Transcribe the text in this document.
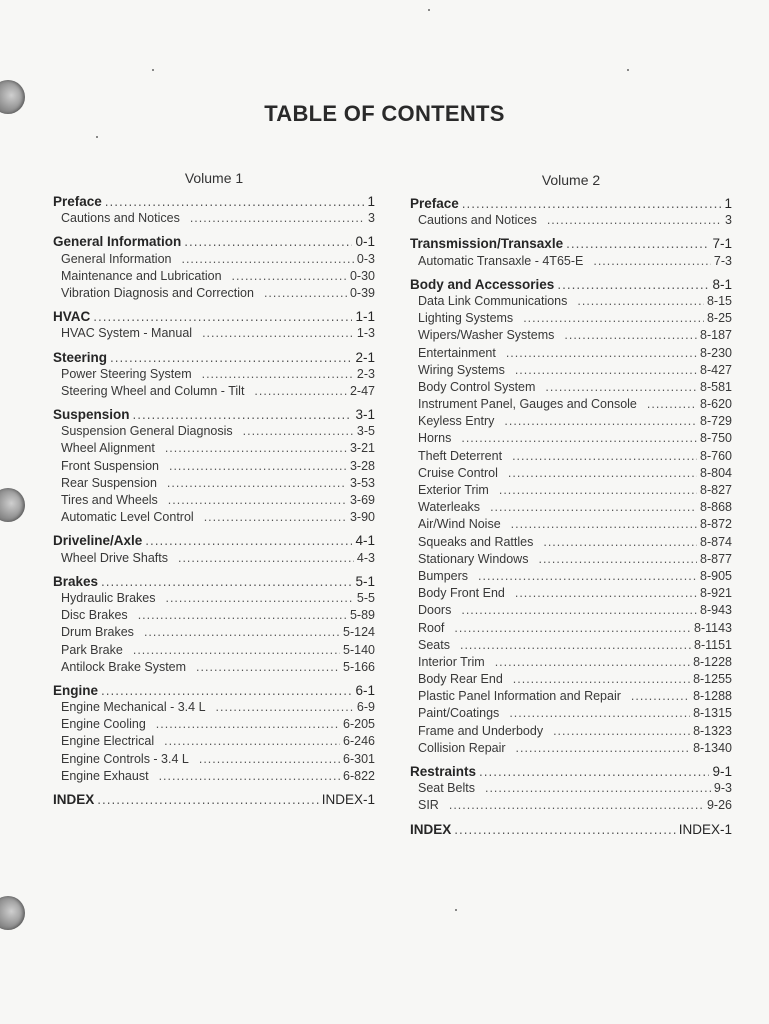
TABLE OF CONTENTS
Volume 1
Preface .....	1
Cautions and Notices .....	3
General Information .....	0-1
General Information .....	0-3
Maintenance and Lubrication .....	0-30
Vibration Diagnosis and Correction .....	0-39
HVAC .....	1-1
HVAC System - Manual .....	1-3
Steering .....	2-1
Power Steering System .....	2-3
Steering Wheel and Column - Tilt .....	2-47
Suspension .....	3-1
Suspension General Diagnosis .....	3-5
Wheel Alignment .....	3-21
Front Suspension .....	3-28
Rear Suspension .....	3-53
Tires and Wheels .....	3-69
Automatic Level Control .....	3-90
Driveline/Axle .....	4-1
Wheel Drive Shafts .....	4-3
Brakes .....	5-1
Hydraulic Brakes .....	5-5
Disc Brakes .....	5-89
Drum Brakes .....	5-124
Park Brake .....	5-140
Antilock Brake System .....	5-166
Engine .....	6-1
Engine Mechanical - 3.4 L .....	6-9
Engine Cooling .....	6-205
Engine Electrical .....	6-246
Engine Controls - 3.4 L .....	6-301
Engine Exhaust .....	6-822
INDEX .....	INDEX-1
Volume 2
Preface .....	1
Cautions and Notices .....	3
Transmission/Transaxle .....	7-1
Automatic Transaxle - 4T65-E .....	7-3
Body and Accessories .....	8-1
Data Link Communications .....	8-15
Lighting Systems .....	8-25
Wipers/Washer Systems .....	8-187
Entertainment .....	8-230
Wiring Systems .....	8-427
Body Control System .....	8-581
Instrument Panel, Gauges and Console .....	8-620
Keyless Entry .....	8-729
Horns .....	8-750
Theft Deterrent .....	8-760
Cruise Control .....	8-804
Exterior Trim .....	8-827
Waterleaks .....	8-868
Air/Wind Noise .....	8-872
Squeaks and Rattles .....	8-874
Stationary Windows .....	8-877
Bumpers .....	8-905
Body Front End .....	8-921
Doors .....	8-943
Roof .....	8-1143
Seats .....	8-1151
Interior Trim .....	8-1228
Body Rear End .....	8-1255
Plastic Panel Information and Repair .....	8-1288
Paint/Coatings .....	8-1315
Frame and Underbody .....	8-1323
Collision Repair .....	8-1340
Restraints .....	9-1
Seat Belts .....	9-3
SIR .....	9-26
INDEX .....	INDEX-1
